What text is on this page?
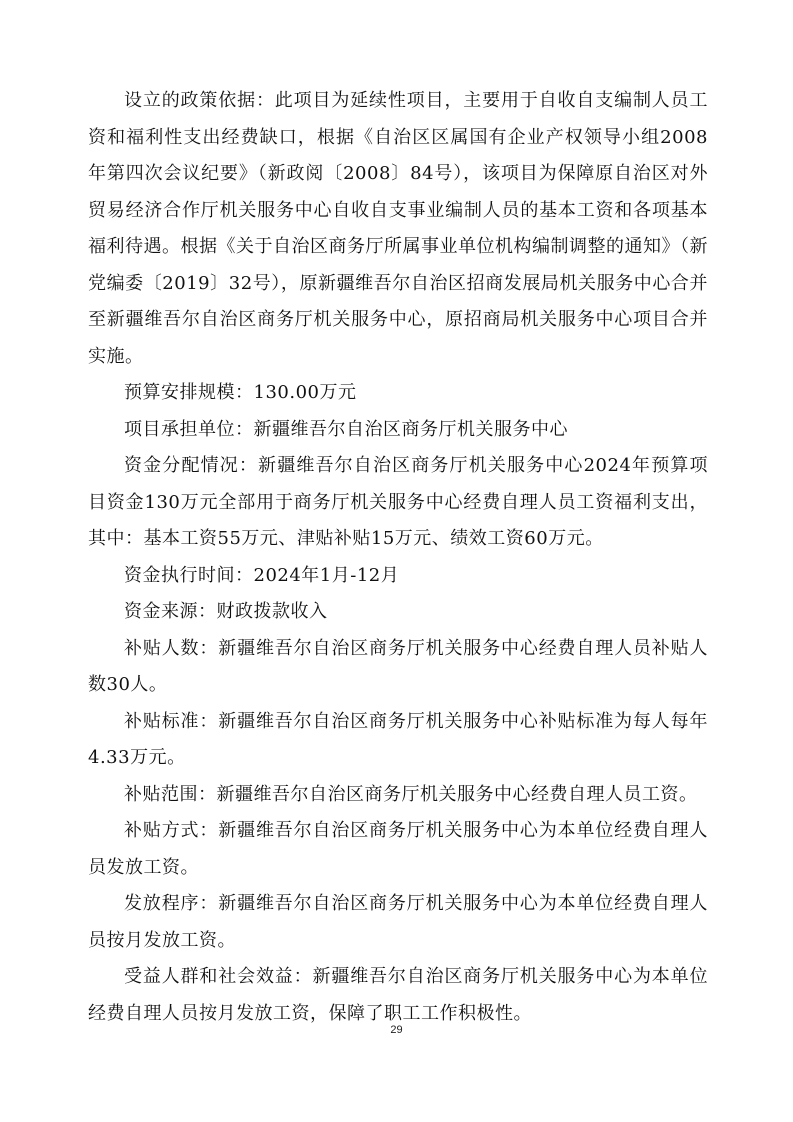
设立的政策依据：此项目为延续性项目，主要用于自收自支编制人员工资和福利性支出经费缺口，根据《自治区区属国有企业产权领导小组2008年第四次会议纪要》（新政阅〔2008〕84号），该项目为保障原自治区对外贸易经济合作厅机关服务中心自收自支事业编制人员的基本工资和各项基本福利待遇。根据《关于自治区商务厅所属事业单位机构编制调整的通知》（新党编委〔2019〕32号），原新疆维吾尔自治区招商发展局机关服务中心合并至新疆维吾尔自治区商务厅机关服务中心，原招商局机关服务中心项目合并实施。

预算安排规模：130.00万元

项目承担单位：新疆维吾尔自治区商务厅机关服务中心

资金分配情况：新疆维吾尔自治区商务厅机关服务中心2024年预算项目资金130万元全部用于商务厅机关服务中心经费自理人员工资福利支出，其中：基本工资55万元、津贴补贴15万元、绩效工资60万元。

资金执行时间：2024年1月-12月

资金来源：财政拨款收入

补贴人数：新疆维吾尔自治区商务厅机关服务中心经费自理人员补贴人数30人。

补贴标准：新疆维吾尔自治区商务厅机关服务中心补贴标准为每人每年4.33万元。

补贴范围：新疆维吾尔自治区商务厅机关服务中心经费自理人员工资。

补贴方式：新疆维吾尔自治区商务厅机关服务中心为本单位经费自理人员发放工资。

发放程序：新疆维吾尔自治区商务厅机关服务中心为本单位经费自理人员按月发放工资。

受益人群和社会效益：新疆维吾尔自治区商务厅机关服务中心为本单位经费自理人员按月发放工资，保障了职工工作积极性。

29
